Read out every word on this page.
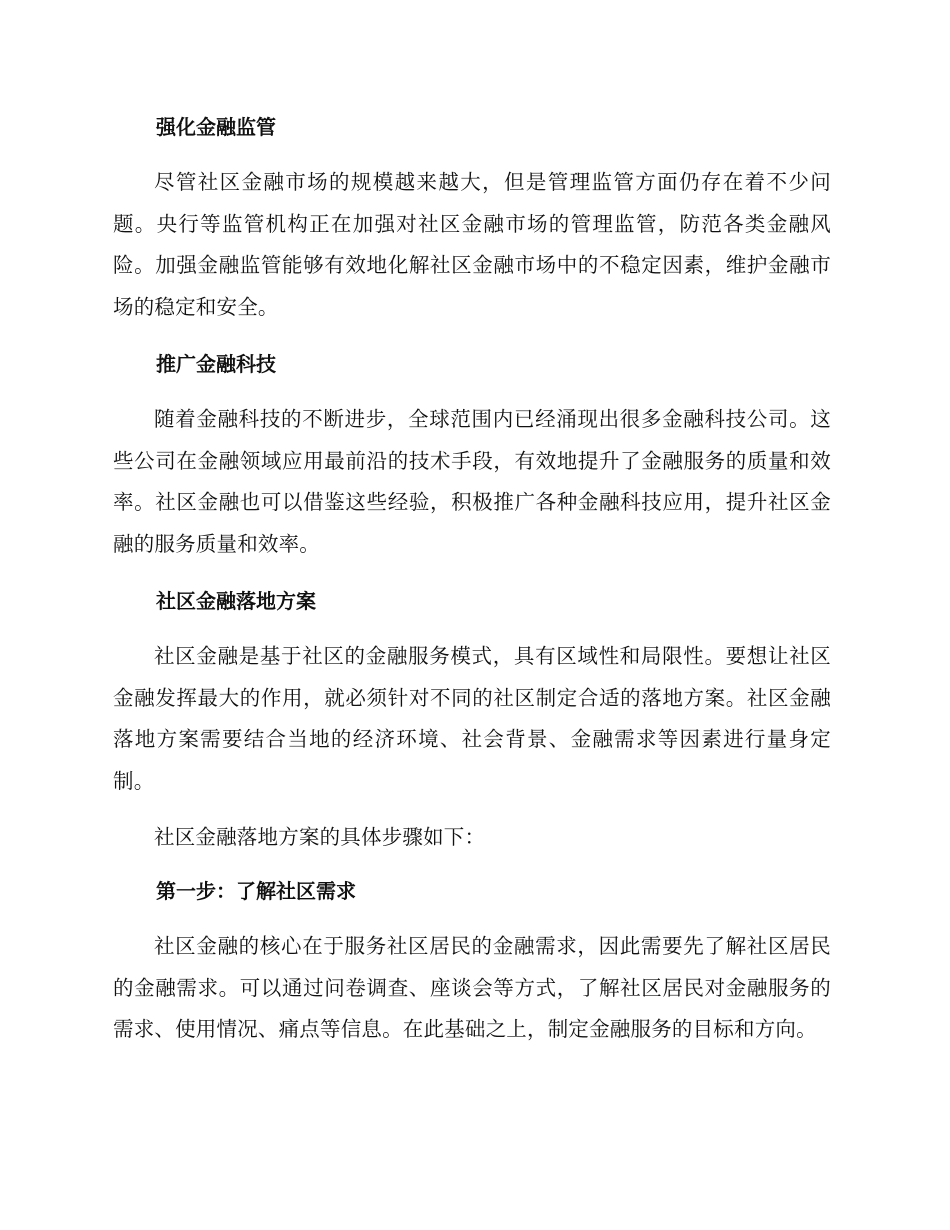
强化金融监管

尽管社区金融市场的规模越来越大，但是管理监管方面仍存在着不少问题。央行等监管机构正在加强对社区金融市场的管理监管，防范各类金融风险。加强金融监管能够有效地化解社区金融市场中的不稳定因素，维护金融市场的稳定和安全。

推广金融科技

随着金融科技的不断进步，全球范围内已经涌现出很多金融科技公司。这些公司在金融领域应用最前沿的技术手段，有效地提升了金融服务的质量和效率。社区金融也可以借鉴这些经验，积极推广各种金融科技应用，提升社区金融的服务质量和效率。

社区金融落地方案

社区金融是基于社区的金融服务模式，具有区域性和局限性。要想让社区金融发挥最大的作用，就必须针对不同的社区制定合适的落地方案。社区金融落地方案需要结合当地的经济环境、社会背景、金融需求等因素进行量身定制。

社区金融落地方案的具体步骤如下：

第一步：了解社区需求

社区金融的核心在于服务社区居民的金融需求，因此需要先了解社区居民的金融需求。可以通过问卷调查、座谈会等方式，了解社区居民对金融服务的需求、使用情况、痛点等信息。在此基础之上，制定金融服务的目标和方向。
